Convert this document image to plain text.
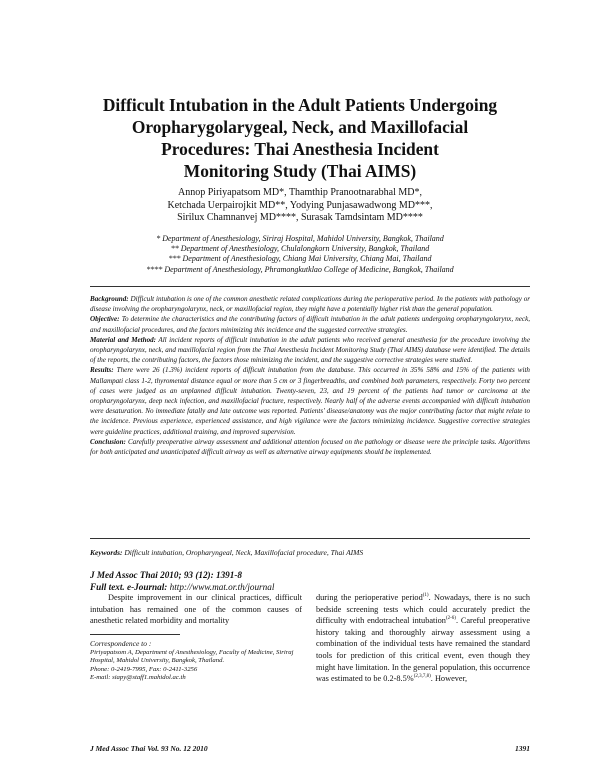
Difficult Intubation in the Adult Patients Undergoing
Oropharygolarygeal, Neck, and Maxillofacial
Procedures: Thai Anesthesia Incident
Monitoring Study (Thai AIMS)
Annop Piriyapatsom MD*, Thamthip Pranootnarabhal MD*,
Ketchada Uerpairojkit MD**, Yodying Punjasawadwong MD***,
Sirilux Chamnanvej MD****, Surasak Tamdsintam MD****
* Department of Anesthesiology, Siriraj Hospital, Mahidol University, Bangkok, Thailand
** Department of Anesthesiology, Chulalongkorn University, Bangkok, Thailand
*** Department of Anesthesiology, Chiang Mai University, Chiang Mai, Thailand
**** Department of Anesthesiology, Phramongkutklao College of Medicine, Bangkok, Thailand

Background: Difficult intubation is one of the common anesthetic related complications during the perioperative period. In the patients with pathology or disease involving the oropharyngolarynx, neck, or maxillofacial region, they might have a potentially higher risk than the general population.

Objective: To determine the characteristics and the contributing factors of difficult intubation in the adult patients undergoing oropharyngolarynx, neck, and maxillofacial procedures, and the factors minimizing this incidence and the suggested corrective strategies.

Material and Method: All incident reports of difficult intubation in the adult patients who received general anesthesia for the procedure involving the oropharyngolarynx, neck, and maxillofacial region from the Thai Anesthesia Incident Monitoring Study (Thai AIMS) database were identified. The details of the reports, the contributing factors, the factors those minimizing the incident, and the suggestive corrective strategies were studied.

Results: There were 26 (1.3%) incident reports of difficult intubation from the database. This occurred in 35% 58% and 15% of the patients with Mallampati class 1-2, thyromental distance equal or more than 5 cm or 3 fingerbreadths, and combined both parameters, respectively. Forty two percent of cases were judged as an unplanned difficult intubation. Twenty-seven, 23, and 19 percent of the patients had tumor or carcinoma at the oropharyngolarynx, deep neck infection, and maxillofacial fracture, respectively. Nearly half of the adverse events accompanied with difficult intubation were desaturation. No immediate fatally and late outcome was reported. Patients' disease/anatomy was the major contributing factor that might relate to the incidence. Previous experience, experienced assistance, and high vigilance were the factors minimizing incidence. Suggestive corrective strategies were guideline practices, additional training, and improved supervision.

Conclusion: Carefully preoperative airway assessment and additional attention focused on the pathology or disease were the principle tasks. Algorithms for both anticipated and unanticipated difficult airway as well as alternative airway equipments should be implemented.

Keywords: Difficult intubation, Oropharyngeal, Neck, Maxillofacial procedure, Thai AIMS
J Med Assoc Thai 2010; 93 (12): 1391-8
Full text. e-Journal: http://www.mat.or.th/journal

Despite improvement in our clinical practices, difficult intubation has remained one of the common causes of anesthetic related morbidity and mortality

Correspondence to :
Piriyapatsom A, Department of Anesthesiology, Faculty of Medicine, Siriraj Hospital, Mahidol University, Bangkok, Thailand.
Phone: 0-2419-7995, Fax: 0-2411-3256
E-mail: siapy@staff1.mahidol.ac.th

during the perioperative period$^{(1)}$. Nowadays, there is no such bedside screening tests which could accurately predict the difficulty with endotracheal intubation$^{(2-6)}$. Careful preoperative history taking and thoroughly airway assessment using a combination of the individual tests have remained the standard tools for prediction of this critical event, even though they might have limitation. In the general population, this occurrence was estimated to be 0.2-8.5%$^{(2,3,7,8)}$. However,

J Med Assoc Thai Vol. 93 No. 12 2010	1391
